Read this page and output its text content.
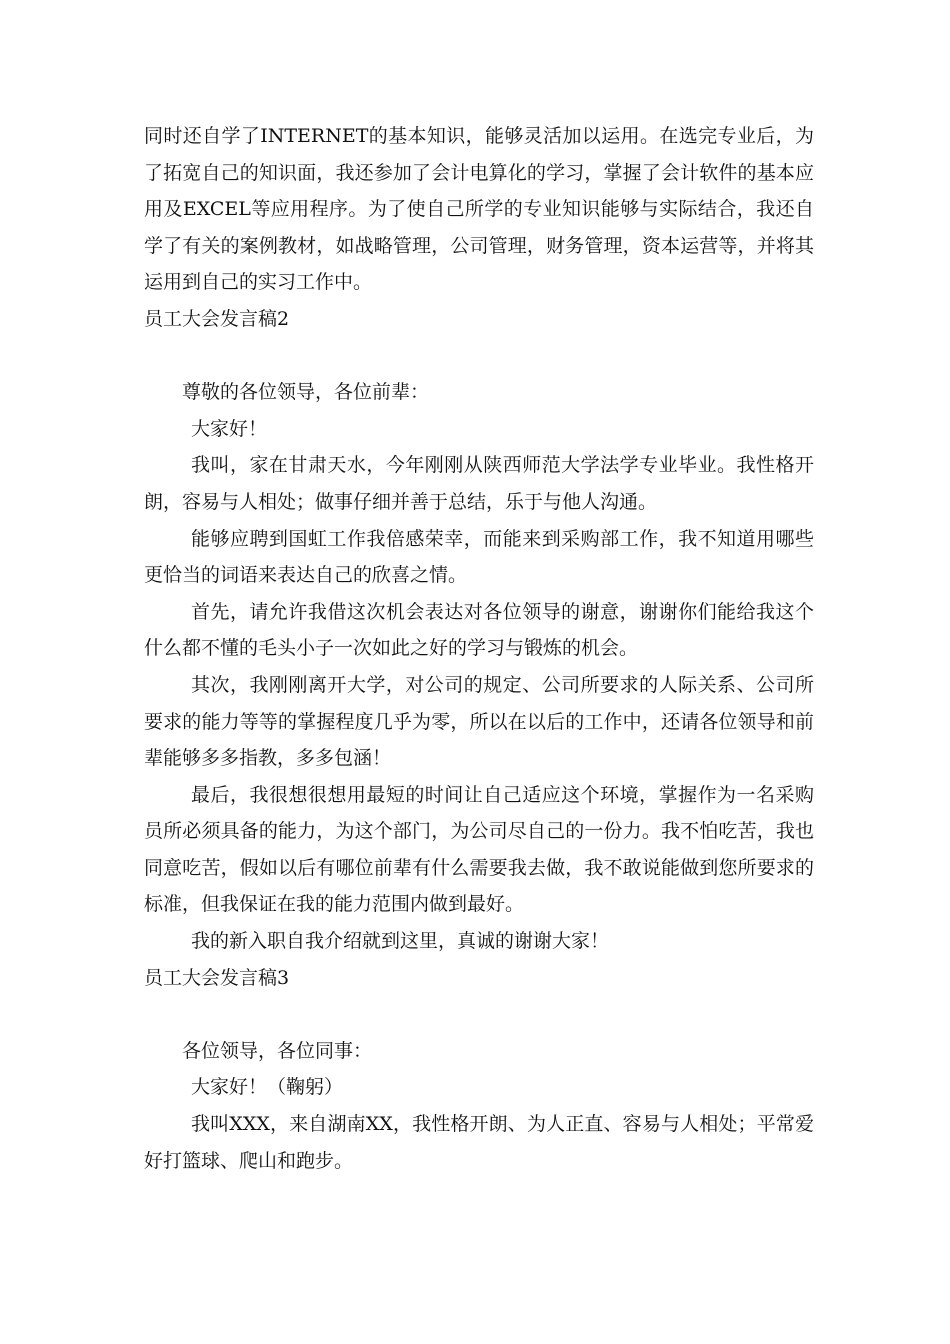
同时还自学了INTERNET的基本知识，能够灵活加以运用。在选完专业后，为了拓宽自己的知识面，我还参加了会计电算化的学习，掌握了会计软件的基本应用及EXCEL等应用程序。为了使自己所学的专业知识能够与实际结合，我还自学了有关的案例教材，如战略管理，公司管理，财务管理，资本运营等，并将其运用到自己的实习工作中。

员工大会发言稿2

尊敬的各位领导，各位前辈：

大家好！

我叫，家在甘肃天水，今年刚刚从陕西师范大学法学专业毕业。我性格开朗，容易与人相处；做事仔细并善于总结，乐于与他人沟通。

能够应聘到国虹工作我倍感荣幸，而能来到采购部工作，我不知道用哪些更恰当的词语来表达自己的欣喜之情。

首先，请允许我借这次机会表达对各位领导的谢意，谢谢你们能给我这个什么都不懂的毛头小子一次如此之好的学习与锻炼的机会。

其次，我刚刚离开大学，对公司的规定、公司所要求的人际关系、公司所要求的能力等等的掌握程度几乎为零，所以在以后的工作中，还请各位领导和前辈能够多多指教，多多包涵！

最后，我很想很想用最短的时间让自己适应这个环境，掌握作为一名采购员所必须具备的能力，为这个部门，为公司尽自己的一份力。我不怕吃苦，我也同意吃苦，假如以后有哪位前辈有什么需要我去做，我不敢说能做到您所要求的标准，但我保证在我的能力范围内做到最好。

我的新入职自我介绍就到这里，真诚的谢谢大家！

员工大会发言稿3

各位领导，各位同事：

大家好！（鞠躬）

我叫XXX，来自湖南XX，我性格开朗、为人正直、容易与人相处；平常爱好打篮球、爬山和跑步。
